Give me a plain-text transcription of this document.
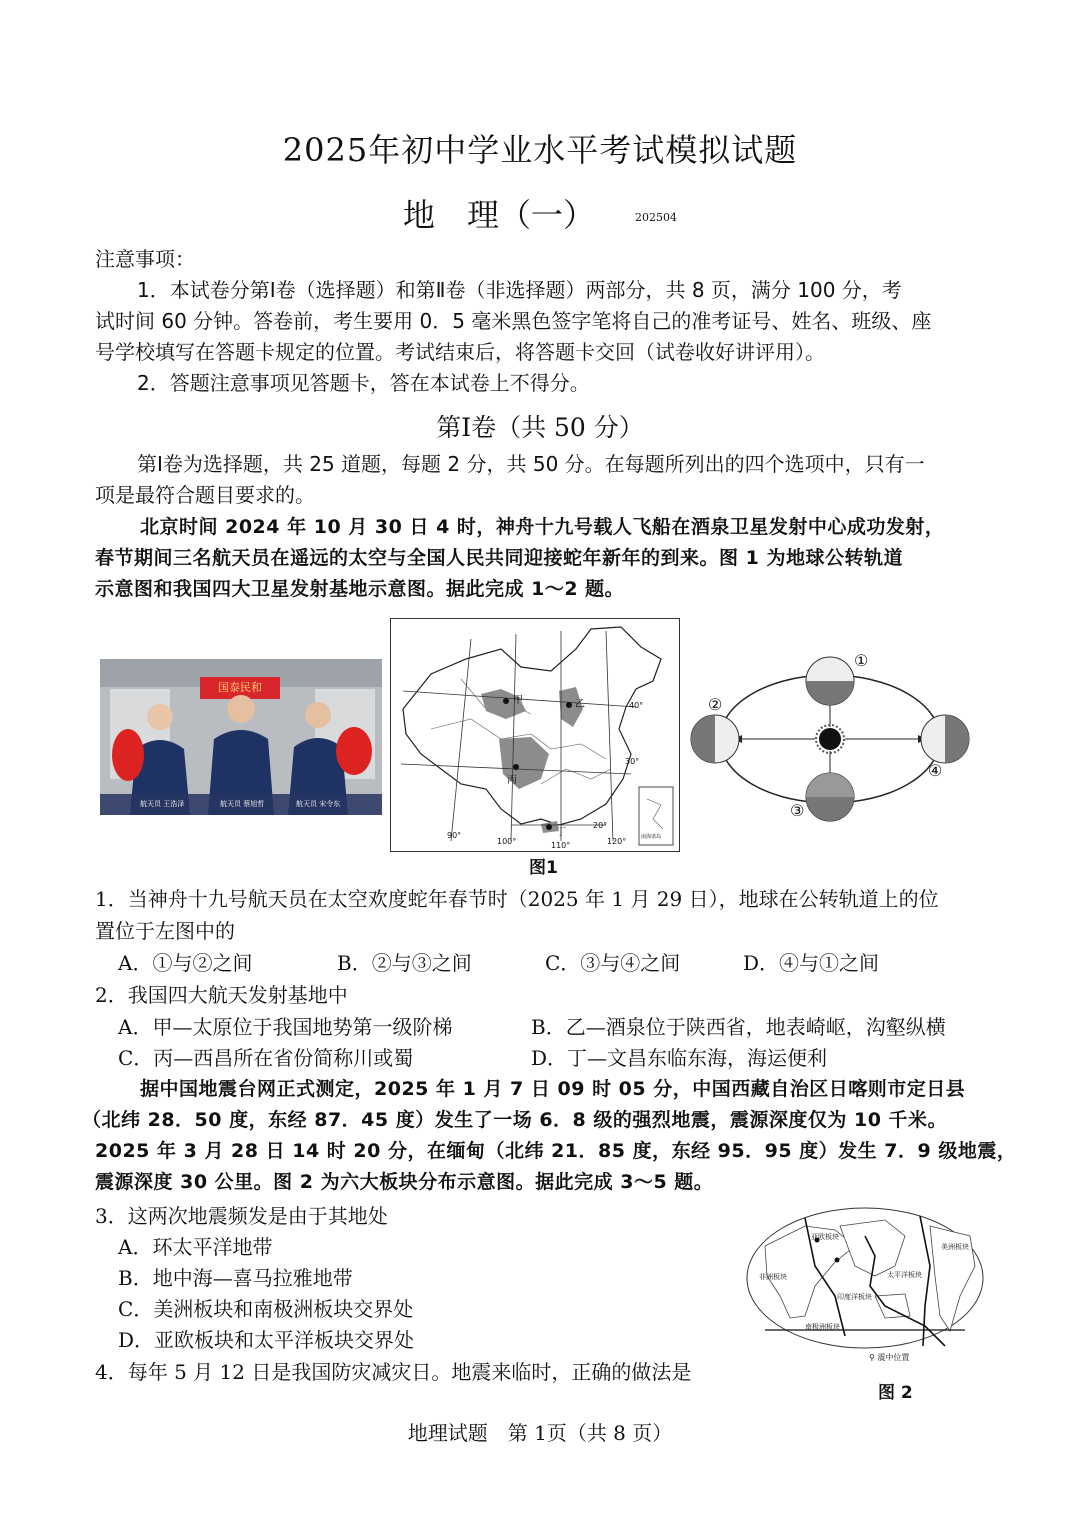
2025年初中学业水平考试模拟试题
地　理（一）	202504
注意事项：
1．本试卷分第Ⅰ卷（选择题）和第Ⅱ卷（非选择题）两部分，共 8 页，满分 100 分，考
试时间 60 分钟。答卷前，考生要用 0．5 毫米黑色签字笔将自己的准考证号、姓名、班级、座
号学校填写在答题卡规定的位置。考试结束后，将答题卡交回（试卷收好讲评用）。
2．答题注意事项见答题卡，答在本试卷上不得分。
第Ⅰ卷（共 50 分）
第Ⅰ卷为选择题，共 25 道题，每题 2 分，共 50 分。在每题所列出的四个选项中，只有一
项是最符合题目要求的。
北京时间 2024 年 10 月 30 日 4 时，神舟十九号载人飞船在酒泉卫星发射中心成功发射，
春节期间三名航天员在遥远的太空与全国人民共同迎接蛇年新年的到来。图 1 为地球公转轨道
示意图和我国四大卫星发射基地示意图。据此完成 1～2 题。
国泰民和
航天员 王浩泽	航天员 蔡旭哲	航天员 宋令东
甲	乙
丙
丁
40°
30°
20°
90°
100°	110°	120°	南海诸岛
图1
①
②
③
④
1．当神舟十九号航天员在太空欢度蛇年春节时（2025 年 1 月 29 日），地球在公转轨道上的位
置位于左图中的
A．①与②之间	B．②与③之间	C．③与④之间	D．④与①之间
2．我国四大航天发射基地中
A．甲—太原位于我国地势第一级阶梯	B．乙—酒泉位于陕西省，地表崎岖，沟壑纵横
C．丙—西昌所在省份简称川或蜀	D．丁—文昌东临东海，海运便利
据中国地震台网正式测定，2025 年 1 月 7 日 09 时 05 分，中国西藏自治区日喀则市定日县
（北纬 28．50 度，东经 87．45 度）发生了一场 6．8 级的强烈地震，震源深度仅为 10 千米。
2025 年 3 月 28 日 14 时 20 分，在缅甸（北纬 21．85 度，东经 95．95 度）发生 7．9 级地震，
震源深度 30 公里。图 2 为六大板块分布示意图。据此完成 3～5 题。
3．这两次地震频发是由于其地处
A．环太平洋地带
B．地中海—喜马拉雅地带
C．美洲板块和南极洲板块交界处
D．亚欧板块和太平洋板块交界处
4．每年 5 月 12 日是我国防灾减灾日。地震来临时，正确的做法是
亚欧板块
美洲板块
非洲板块	太平洋板块
印度洋板块
南极洲板块
⚲ 震中位置
图 2
地理试题　第 1页（共 8 页）
